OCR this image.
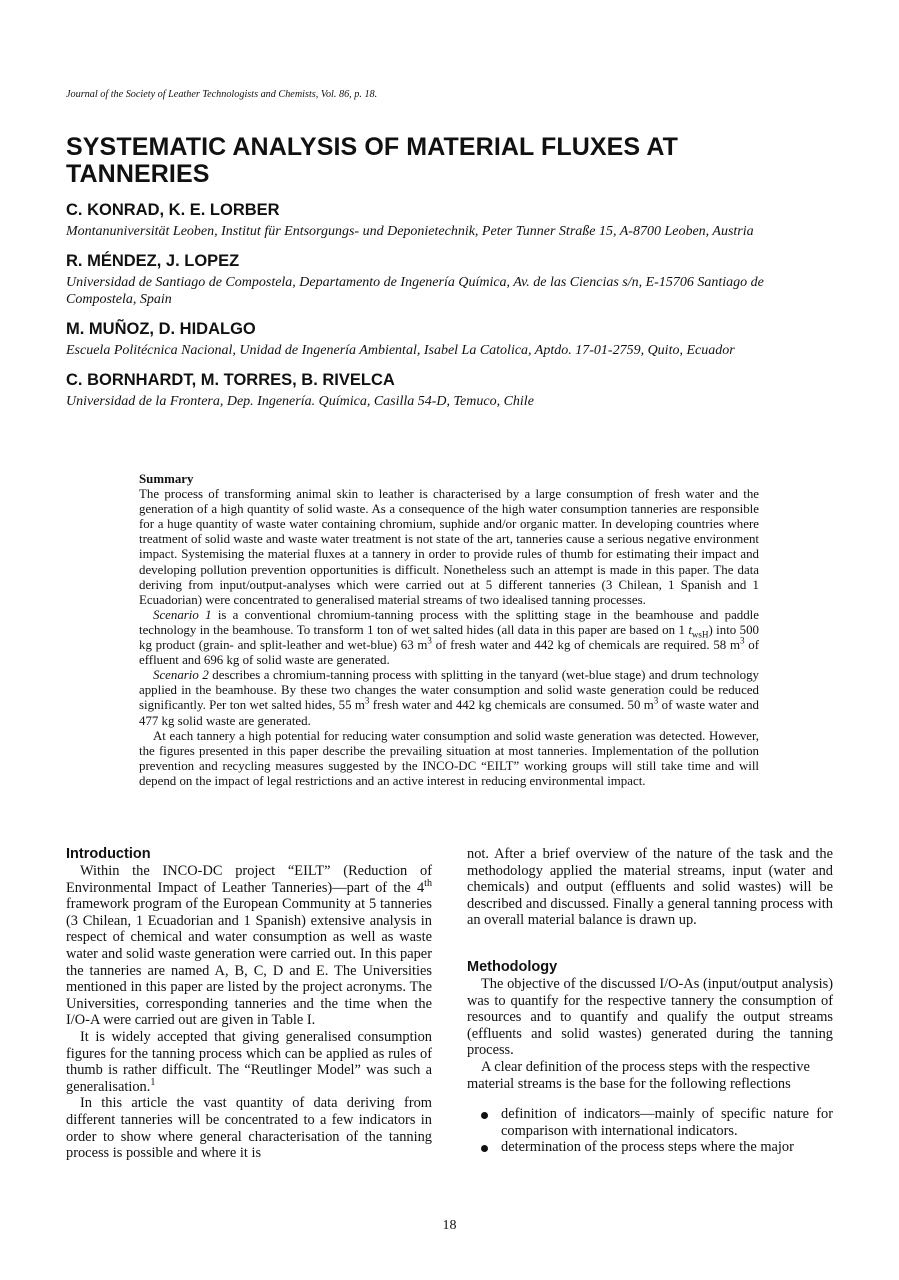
Journal of the Society of Leather Technologists and Chemists, Vol. 86, p. 18.
SYSTEMATIC ANALYSIS OF MATERIAL FLUXES AT
TANNERIES

C. KONRAD, K. E. LORBER

Montanuniversität Leoben, Institut für Entsorgungs- und Deponietechnik, Peter Tunner Straße 15, A-8700 Leoben, Austria

R. MÉNDEZ, J. LOPEZ

Universidad de Santiago de Compostela, Departamento de Ingenería Química, Av. de las Ciencias s/n, E-15706 Santiago de Compostela, Spain

M. MUÑOZ, D. HIDALGO

Escuela Politécnica Nacional, Unidad de Ingenería Ambiental, Isabel La Catolica, Aptdo. 17-01-2759, Quito, Ecuador

C. BORNHARDT, M. TORRES, B. RIVELCA

Universidad de la Frontera, Dep. Ingenería. Química, Casilla 54-D, Temuco, Chile

Summary

The process of transforming animal skin to leather is characterised by a large consumption of fresh water and the generation of a high quantity of solid waste. As a consequence of the high water consumption tanneries are responsible for a huge quantity of waste water containing chromium, suphide and/or organic matter. In developing countries where treatment of solid waste and waste water treatment is not state of the art, tanneries cause a serious negative environment impact. Systemising the material fluxes at a tannery in order to provide rules of thumb for estimating their impact and developing pollution prevention opportunities is difficult. Nonetheless such an attempt is made in this paper. The data deriving from input/output-analyses which were carried out at 5 different tanneries (3 Chilean, 1 Spanish and 1 Ecuadorian) were concentrated to generalised material streams of two idealised tanning processes.

Scenario 1 is a conventional chromium-tanning process with the splitting stage in the beamhouse and paddle technology in the beamhouse. To transform 1 ton of wet salted hides (all data in this paper are based on 1 $t_{wsH}$) into 500 kg product (grain- and split-leather and wet-blue) 63 $m^3$ of fresh water and 442 kg of chemicals are required. 58 $m^3$ of effluent and 696 kg of solid waste are generated.

Scenario 2 describes a chromium-tanning process with splitting in the tanyard (wet-blue stage) and drum technology applied in the beamhouse. By these two changes the water consumption and solid waste generation could be reduced significantly. Per ton wet salted hides, 55 $m^3$ fresh water and 442 kg chemicals are consumed. 50 $m^3$ of waste water and 477 kg solid waste are generated.

At each tannery a high potential for reducing water consumption and solid waste generation was detected. However, the figures presented in this paper describe the prevailing situation at most tanneries. Implementation of the pollution prevention and recycling measures suggested by the INCO-DC “EILT” working groups will still take time and will depend on the impact of legal restrictions and an active interest in reducing environmental impact.

Introduction

Within the INCO-DC project “EILT” (Reduction of Environmental Impact of Leather Tanneries)—part of the 4th framework program of the European Community at 5 tanneries (3 Chilean, 1 Ecuadorian and 1 Spanish) extensive analysis in respect of chemical and water consumption as well as waste water and solid waste generation were carried out. In this paper the tanneries are named A, B, C, D and E. The Universities mentioned in this paper are listed by the project acronyms. The Universities, corresponding tanneries and the time when the I/O-A were carried out are given in Table I.

It is widely accepted that giving generalised consumption figures for the tanning process which can be applied as rules of thumb is rather difficult. The “Reutlinger Model” was such a generalisation.$^1$

In this article the vast quantity of data deriving from different tanneries will be concentrated to a few indicators in order to show where general characterisation of the tanning process is possible and where it is

not. After a brief overview of the nature of the task and the methodology applied the material streams, input (water and chemicals) and output (effluents and solid wastes) will be described and discussed. Finally a general tanning process with an overall material balance is drawn up.

Methodology

The objective of the discussed I/O-As (input/output analysis) was to quantify for the respective tannery the consumption of resources and to quantify and qualify the output streams (effluents and solid wastes) generated during the tanning process.

A clear definition of the process steps with the respective material streams is the base for the following reflections

definition of indicators—mainly of specific nature for comparison with international indicators.
determination of the process steps where the major
18
